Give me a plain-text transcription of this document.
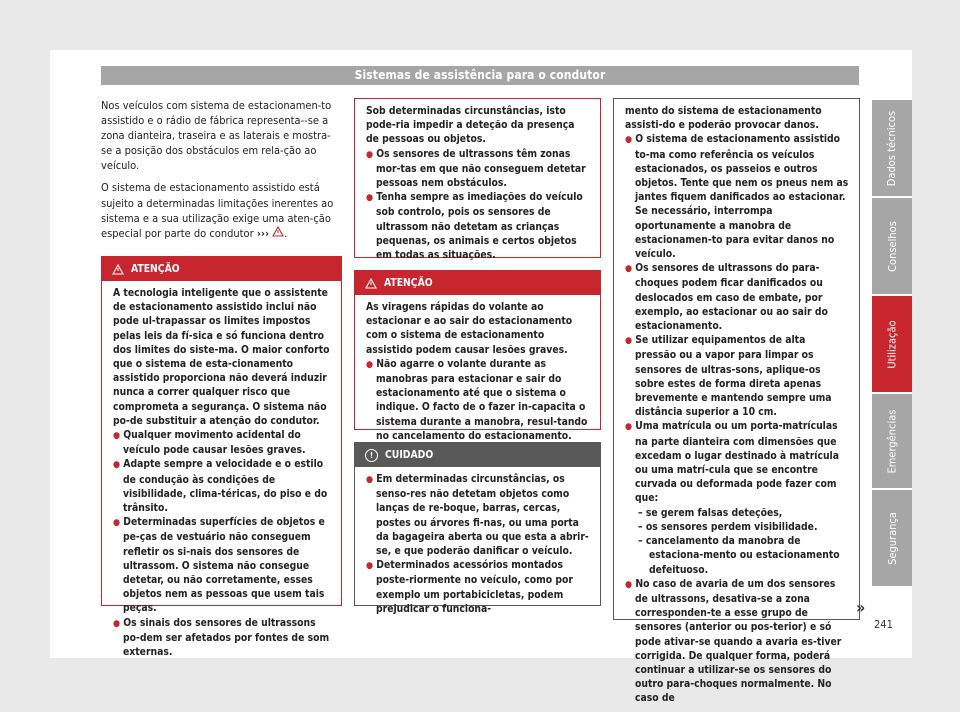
Sistemas de assistência para o condutor

Nos veículos com sistema de estacionamen-to assistido e o rádio de fábrica representa--se a zona dianteira, traseira e as laterais e mostra-se a posição dos obstáculos em rela-ção ao veículo.

O sistema de estacionamento assistido está sujeito a determinadas limitações inerentes ao sistema e a sua utilização exige uma aten-ção especial por parte do condutor ››› .

ATENÇÃO

A tecnologia inteligente que o assistente de estacionamento assistido inclui não pode ul-trapassar os limites impostos pelas leis da fí-sica e só funciona dentro dos limites do siste-ma. O maior conforto que o sistema de esta-cionamento assistido proporciona não deverá induzir nunca a correr qualquer risco que comprometa a segurança. O sistema não po-de substituir a atenção do condutor.

● Qualquer movimento acidental do veículo pode causar lesões graves.

● Adapte sempre a velocidade e o estilo de condução às condições de visibilidade, clima-téricas, do piso e do trânsito.

● Determinadas superfícies de objetos e pe-ças de vestuário não conseguem refletir os si-nais dos sensores de ultrassom. O sistema não consegue detetar, ou não corretamente, esses objetos nem as pessoas que usem tais peças.

● Os sinais dos sensores de ultrassons po-dem ser afetados por fontes de som externas.

Sob determinadas circunstâncias, isto pode-ria impedir a deteção da presença de pessoas ou objetos.

● Os sensores de ultrassons têm zonas mor-tas em que não conseguem detetar pessoas nem obstáculos.

● Tenha sempre as imediações do veículo sob controlo, pois os sensores de ultrassom não detetam as crianças pequenas, os animais e certos objetos em todas as situações.

ATENÇÃO

As viragens rápidas do volante ao estacionar e ao sair do estacionamento com o sistema de estacionamento assistido podem causar lesões graves.

● Não agarre o volante durante as manobras para estacionar e sair do estacionamento até que o sistema o indique. O facto de o fazer in-capacita o sistema durante a manobra, resul-tando no cancelamento do estacionamento.

!	CUIDADO

● Em determinadas circunstâncias, os senso-res não detetam objetos como lanças de re-boque, barras, cercas, postes ou árvores fi-nas, ou uma porta da bagageira aberta ou que esta a abrir-se, e que poderão danificar o veículo.

● Determinados acessórios montados poste-riormente no veículo, como por exemplo um portabicicletas, podem prejudicar o funciona-

mento do sistema de estacionamento assisti-do e poderão provocar danos.

● O sistema de estacionamento assistido to-ma como referência os veículos estacionados, os passeios e outros objetos. Tente que nem os pneus nem as jantes fiquem danificados ao estacionar. Se necessário, interrompa oportunamente a manobra de estacionamen-to para evitar danos no veículo.

● Os sensores de ultrassons do para-choques podem ficar danificados ou deslocados em caso de embate, por exemplo, ao estacionar ou ao sair do estacionamento.

● Se utilizar equipamentos de alta pressão ou a vapor para limpar os sensores de ultras-sons, aplique-os sobre estes de forma direta apenas brevemente e mantendo sempre uma distância superior a 10 cm.

● Uma matrícula ou um porta-matrículas na parte dianteira com dimensões que excedam o lugar destinado à matrícula ou uma matrí-cula que se encontre curvada ou deformada pode fazer com que:

– se gerem falsas deteções,

– os sensores perdem visibilidade.

– cancelamento da manobra de estaciona-mento ou estacionamento defeituoso.

● No caso de avaria de um dos sensores de ultrassons, desativa-se a zona corresponden-te a esse grupo de sensores (anterior ou pos-terior) e só pode ativar-se quando a avaria es-tiver corrigida. De qualquer forma, poderá continuar a utilizar-se os sensores do outro para-choques normalmente. No caso de

»
Dados técnicos
Conselhos
Utilização
Emergências
Segurança
241
